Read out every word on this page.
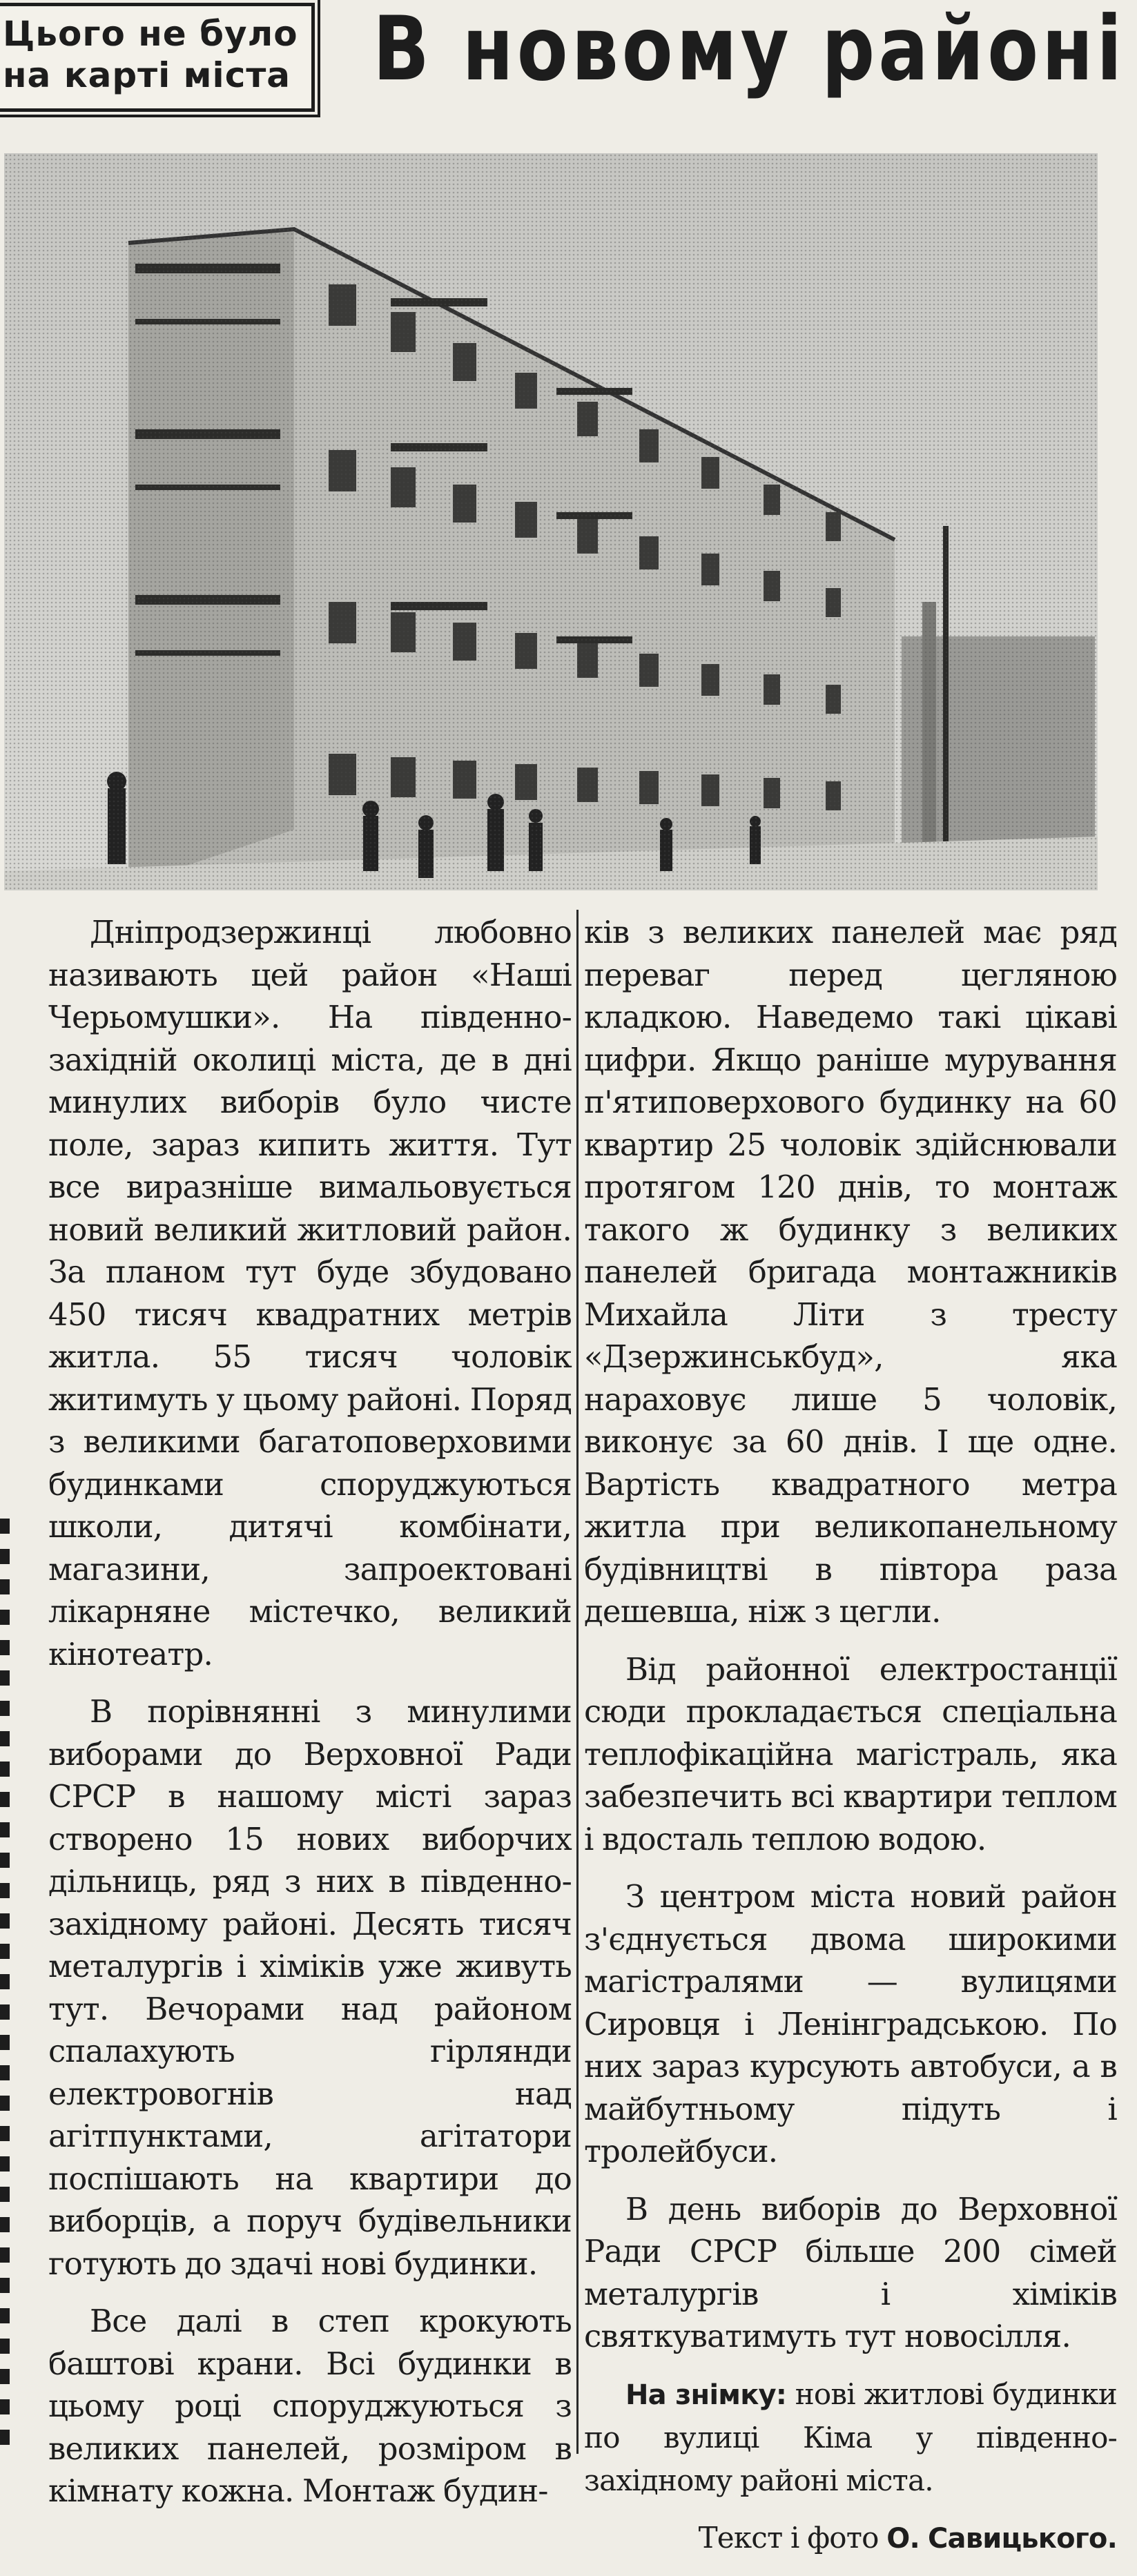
Цього не було
на карті міста В новому районі

Дніпродзержинці любовно називають цей район «Наші Черьомушки». На південно-західній околиці міста, де в дні минулих виборів було чисте поле, зараз кипить життя. Тут все виразніше вимальовується новий великий житловий район. За планом тут буде збудовано 450 тисяч квадратних метрів житла. 55 тисяч чоловік житимуть у цьому районі. Поряд з великими багатоповерховими будинками споруджуються школи, дитячі комбінати, магазини, запроектовані лікарняне містечко, великий кінотеатр.

В порівнянні з минулими виборами до Верховної Ради СРСР в нашому місті зараз створено 15 нових виборчих дільниць, ряд з них в південно-західному районі. Десять тисяч металургів і хіміків уже живуть тут. Вечорами над районом спалахують гірлянди електровогнів над агітпунктами, агітатори поспішають на квартири до виборців, а поруч будівельники готують до здачі нові будинки.

Все далі в степ крокують баштові крани. Всі будинки в цьому році споруджуються з великих панелей, розміром в кімнату кожна. Монтаж будин-

ків з великих панелей має ряд переваг перед цегляною кладкою. Наведемо такі цікаві цифри. Якщо раніше мурування п'ятиповерхового будинку на 60 квартир 25 чоловік здійснювали протягом 120 днів, то монтаж такого ж будинку з великих панелей бригада монтажників Михайла Літи з тресту «Дзержинськбуд», яка нараховує лише 5 чоловік, виконує за 60 днів. І ще одне. Вартість квадратного метра житла при великопанельному будівництві в півтора раза дешевша, ніж з цегли.

Від районної електростанції сюди прокладається спеціальна теплофікаційна магістраль, яка забезпечить всі квартири теплом і вдосталь теплою водою.

З центром міста новий район з'єднується двома широкими магістралями — вулицями Сировця і Ленінградською. По них зараз курсують автобуси, а в майбутньому підуть і тролейбуси.

В день виборів до Верховної Ради СРСР більше 200 сімей металургів і хіміків святкуватимуть тут новосілля.

На знімку: нові житлові будинки по вулиці Кіма у південно-західному районі міста.

Текст і фото О. Савицького.
